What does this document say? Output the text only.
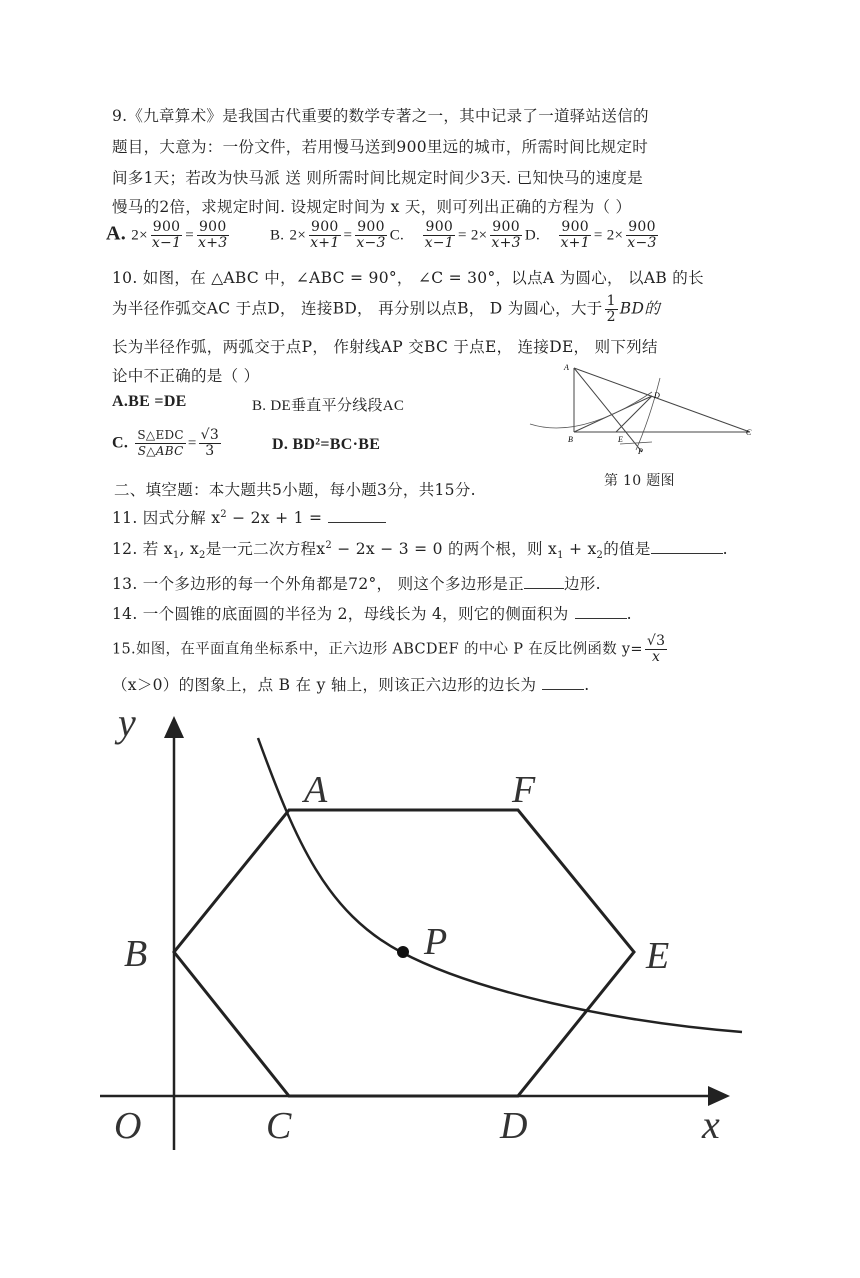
9.《九章算术》是我国古代重要的数学专著之一，其中记录了一道驿站送信的
题目，大意为：一份文件，若用慢马送到900里远的城市，所需时间比规定时
间多1天；若改为快马派 送 则所需时间比规定时间少3天. 已知快马的速度是
慢马的2倍，求规定时间. 设规定时间为 x 天，则可列出正确的方程为（ ）
A. $2\times \frac{900}{x-1} = \frac{900}{x+3}$	B. $2\times \frac{900}{x+1} = \frac{900}{x-3} C$. $\frac{900}{x-1} = 2\times \frac{900}{x+3} D$. $\frac{900}{x+1} = 2\times \frac{900}{x-3}$
10. 如图，在 △ABC 中，∠ABC = 90°， ∠C = 30°，以点A 为圆心， 以AB 的长
为半径作弧交AC 于点D， 连接BD， 再分别以点B， D 为圆心，大于 $\frac{1}{2}$ BD的
长为半径作弧，两弧交于点P， 作射线AP 交BC 于点E， 连接DE， 则下列结
论中不正确的是（ ）
A.BE =DE	B. DE垂直平分线段AC
C. $\frac{\text{S△EDC}}{\text{S△ABC}} = \frac{√3}{3}$	D. BD²=BC·BE
A
B
C
D
E
P
第 10 题图
二、填空题：本大题共5小题，每小题3分，共15分.
11. 因式分解 $x^2 - 2x + 1$ =
12. 若 $x_1$, $x_2$是一元二次方程$x^2 - 2x - 3 = 0$ 的两个根，则 $x_1 + x_2$的值是	.
13. 一个多边形的每一个外角都是72°， 则这个多边形是正	边形.
14. 一个圆锥的底面圆的半径为 2，母线长为 4，则它的侧面积为	.
15.如图，在平面直角坐标系中，正六边形 ABCDEF 的中心 P 在反比例函数 $y= \frac{√3}{x}$
（x＞0）的图象上，点 B 在 y 轴上，则该正六边形的边长为	.
y
x
O
A	F
B	E
P
C	D
